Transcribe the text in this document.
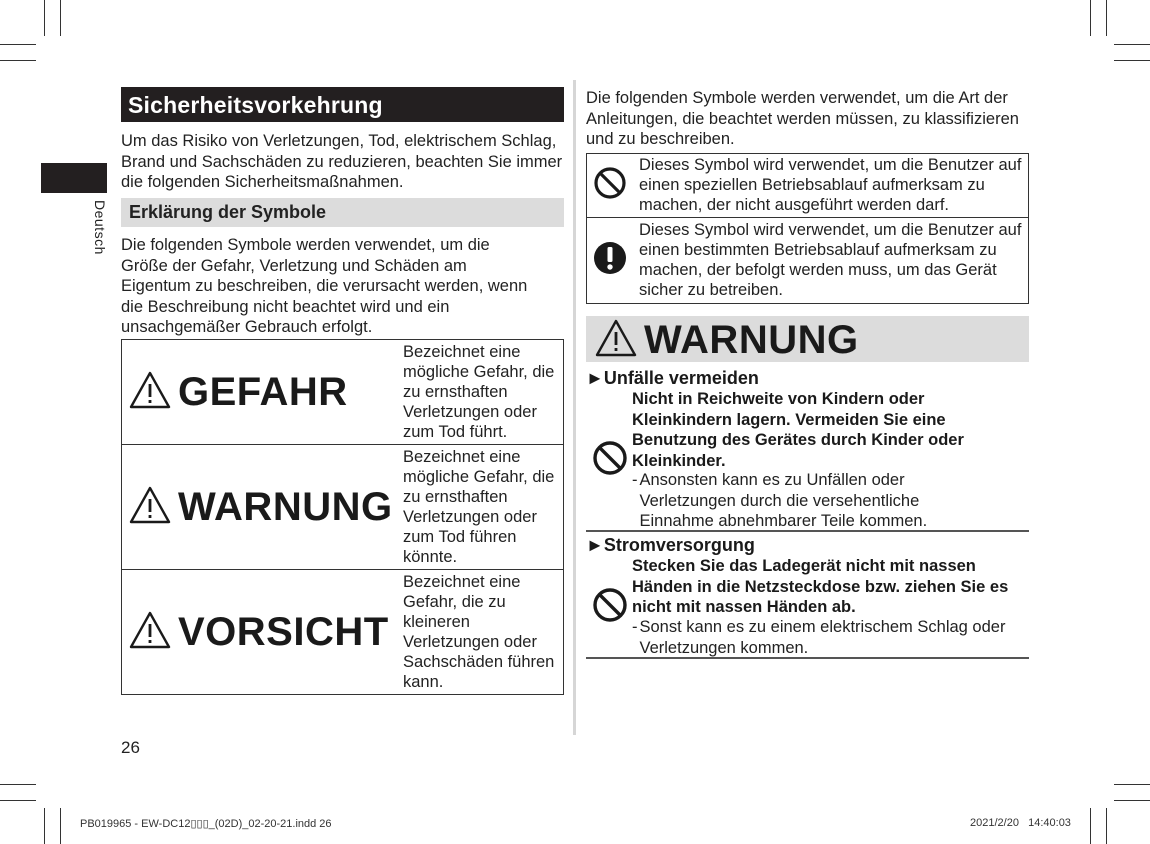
Sicherheitsvorkehrung
Um das Risiko von Verletzungen, Tod, elektrischem Schlag, Brand und Sachschäden zu reduzieren, beachten Sie immer die folgenden Sicherheitsmaßnahmen.
Deutsch	Erklärung der Symbole
Die folgenden Symbole werden verwendet, um die Größe der Gefahr, Verletzung und Schäden am Eigentum zu beschreiben, die verursacht werden, wenn die Beschreibung nicht beachtet wird und ein unsachgemäßer Gebrauch erfolgt.
GEFAHR	Bezeichnet eine mögliche Gefahr, die zu ernsthaften Verletzungen oder zum Tod führt.

WARNUNG	Bezeichnet eine mögliche Gefahr, die zu ernsthaften Verletzungen oder zum Tod führen könnte.

VORSICHT	Bezeichnet eine Gefahr, die zu kleineren Verletzungen oder Sachschäden führen kann.
Die folgenden Symbole werden verwendet, um die Art der Anleitungen, die beachtet werden müssen, zu klassifizieren und zu beschreiben.
	Dieses Symbol wird verwendet, um die Benutzer auf einen speziellen Betriebsablauf aufmerksam zu machen, der nicht ausgeführt werden darf.
	Dieses Symbol wird verwendet, um die Benutzer auf einen bestimmten Betriebsablauf aufmerksam zu machen, der befolgt werden muss, um das Gerät sicher zu betreiben.
WARNUNG
►Unfälle vermeiden
Nicht in Reichweite von Kindern oder Kleinkindern lagern. Vermeiden Sie eine Benutzung des Gerätes durch Kinder oder Kleinkinder.
- Ansonsten kann es zu Unfällen oder Verletzungen durch die versehentliche Einnahme abnehmbarer Teile kommen.
►Stromversorgung
Stecken Sie das Ladegerät nicht mit nassen Händen in die Netzsteckdose bzw. ziehen Sie es nicht mit nassen Händen ab.
- Sonst kann es zu einem elektrischem Schlag oder Verletzungen kommen.
26
PB019965 - EW-DC12▯▯▯_(02D)_02-20-21.indd 26	2021/2/20   14:40:03
